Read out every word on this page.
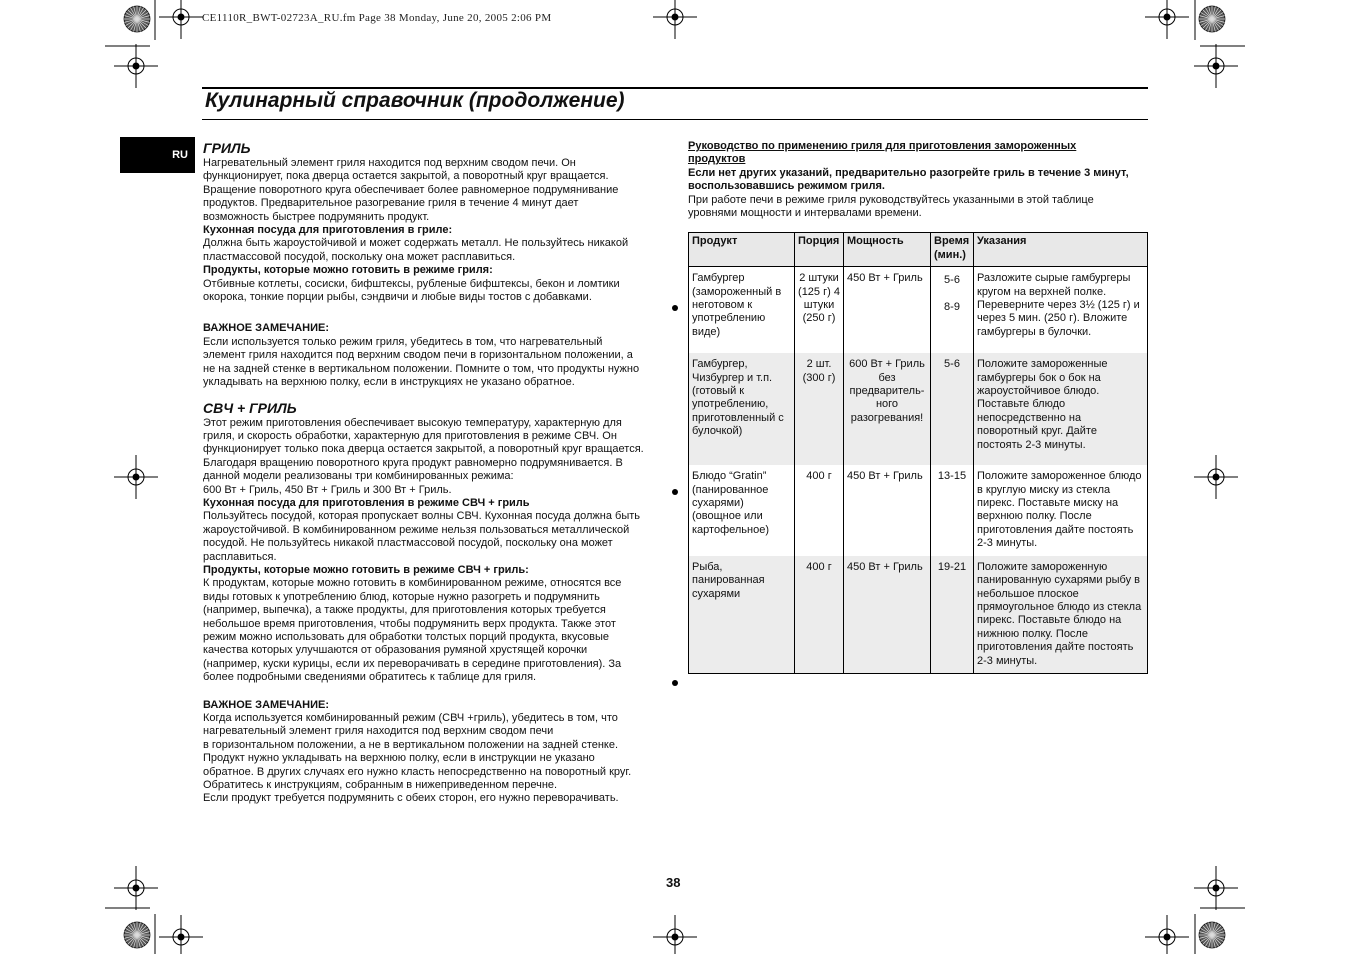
CE1110R_BWT-02723A_RU.fm Page 38 Monday, June 20, 2005 2:06 PM
Кулинарный справочник (продолжение)
RU	ГРИЛЬ

Нагревательный элемент гриля находится под верхним сводом печи. Он

функционирует, пока дверца остается закрытой, а поворотный круг вращается.

Вращение поворотного круга обеспечивает более равномерное подрумянивание

продуктов. Предварительное разогревание гриля в течение 4 минут дает

возможность быстрее подрумянить продукт.

Кухонная посуда для приготовления в гриле:

Должна быть жароустойчивой и может содержать металл. Не пользуйтесь никакой

пластмассовой посудой, поскольку она может расплавиться.

Продукты, которые можно готовить в режиме гриля:

Отбивные котлеты, сосиски, бифштексы, рубленые бифштексы, бекон и ломтики

окорока, тонкие порции рыбы, сэндвичи и любые виды тостов с добавками.

ВАЖНОЕ ЗАМЕЧАНИЕ:

Если используется только режим гриля, убедитесь в том, что нагревательный

элемент гриля находится под верхним сводом печи в горизонтальном положении, а

не на задней стенке в вертикальном положении. Помните о том, что продукты нужно

укладывать на верхнюю полку, если в инструкциях не указано обратное.

СВЧ + ГРИЛЬ

Этот режим приготовления обеспечивает высокую температуру, характерную для

гриля, и скорость обработки, характерную для приготовления в режиме СВЧ. Он

функционирует только пока дверца остается закрытой, а поворотный круг вращается.

Благодаря вращению поворотного круга продукт равномерно подрумянивается. В

данной модели реализованы три комбинированных режима:

600 Вт + Гриль, 450 Вт + Гриль и 300 Вт + Гриль.

Кухонная посуда для приготовления в режиме СВЧ + гриль

Пользуйтесь посудой, которая пропускает волны СВЧ. Кухонная посуда должна быть

жароустойчивой. В комбинированном режиме нельзя пользоваться металлической

посудой. Не пользуйтесь никакой пластмассовой посудой, поскольку она может

расплавиться.

Продукты, которые можно готовить в режиме СВЧ + гриль:

К продуктам, которые можно готовить в комбинированном режиме, относятся все

виды готовых к употреблению блюд, которые нужно разогреть и подрумянить

(например, выпечка), а также продукты, для приготовления которых требуется

небольшое время приготовления, чтобы подрумянить верх продукта. Также этот

режим можно использовать для обработки толстых порций продукта, вкусовые

качества которых улучшаются от образования румяной хрустящей корочки

(например, куски курицы, если их переворачивать в середине приготовления). За

более подробными сведениями обратитесь к таблице для гриля.

ВАЖНОЕ ЗАМЕЧАНИЕ:

Когда используется комбинированный режим (СВЧ +гриль), убедитесь в том, что

нагревательный элемент гриля находится под верхним сводом печи

в горизонтальном положении, а не в вертикальном положении на задней стенке.

Продукт нужно укладывать на верхнюю полку, если в инструкции не указано

обратное. В других случаях его нужно класть непосредственно на поворотный круг.

Обратитесь к инструкциям, собранным в нижеприведенном перечне.

Если продукт требуется подрумянить с обеих сторон, его нужно переворачивать.

Руководство по применению гриля для приготовления замороженных

продуктов

Если нет других указаний, предварительно разогрейте гриль в течение 3 минут,

воспользовавшись режимом гриля.

При работе печи в режиме гриля руководствуйтесь указанными в этой таблице

уровнями мощности и интервалами времени.

Продукт	Порция	Мощность	Время (мин.)	Указания
Гамбургер (замороженный в неготовом к употреблению виде)	2 штуки (125 г) 4 штуки (250 г)	450 Вт + Гриль	5-6
8-9	Разложите сырые гамбургеры кругом на верхней полке. Переверните через 3½ (125 г) и через 5 мин. (250 г). Вложите гамбургеры в булочки.
Гамбургер, Чизбургер и т.п. (готовый к употреблению, приготовленный с булочкой)	2 шт. (300 г)	600 Вт + Гриль без предваритель- ного разогревания!	5-6	Положите замороженные гамбургеры бок о бок на жароустойчивое блюдо. Поставьте блюдо непосредственно на поворотный круг. Дайте постоять 2-3 минуты.
Блюдо “Gratin” (панированное сухарями) (овощное или картофельное)	400 г	450 Вт + Гриль	13-15	Положите замороженное блюдо в круглую миску из стекла пирекс. Поставьте миску на верхнюю полку. После приготовления дайте постоять 2-3 минуты.
Рыба, панированная сухарями	400 г	450 Вт + Гриль	19-21	Положите замороженную панированную сухарями рыбу в небольшое плоское прямоугольное блюдо из стекла пирекс. Поставьте блюдо на нижнюю полку. После приготовления дайте постоять 2-3 минуты.
38
